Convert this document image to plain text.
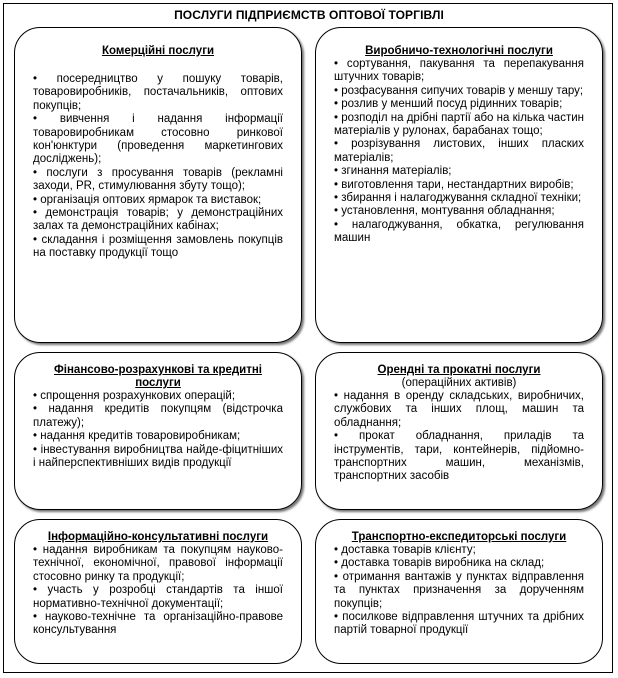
ПОСЛУГИ ПІДПРИЄМСТВ ОПТОВОЇ ТОРГІВЛІ
Комерційні послуги
• посередництво у пошуку товарів, товаровиробників, постачальників, оптових покупців;
• вивчення і надання інформації товаровиробникам стосовно ринкової кон'юнктури (проведення маркетингових досліджень);
• послуги з просування товарів (рекламні заходи, PR, стимулювання збуту тощо);
• організація оптових ярмарок та виставок;
• демонстрація товарів; у демонстраційних залах та демонстраційних кабінах;
• складання і розміщення замовлень покупців на поставку продукції тощо
Виробничо-технологічні послуги
• сортування, пакування та перепакування штучних товарів;
• розфасування сипучих товарів у меншу тару;
• розлив у менший посуд рідинних товарів;
• розподіл на дрібні партії або на кілька частин матеріалів у рулонах, барабанах тощо;
• розрізування листових, інших пласких матеріалів;
• згинання матеріалів;
• виготовлення тари, нестандартних виробів;
• збирання і налагоджування складної техніки;
• установлення, монтування обладнання;
• налагоджування, обкатка, регулювання машин
Фінансово-розрахункові та кредитні послуги
• спрощення розрахункових операцій;
• надання кредитів покупцям (відстрочка платежу);
• надання кредитів товаровиробникам;
• інвестування виробництва найде-фіцитніших і найперспективніших видів продукції
Орендні та прокатні послуги
(операційних активів)
• надання в оренду складських, виробничих, службових та інших площ, машин та обладнання;
• прокат обладнання, приладів та інструментів, тари, контейнерів, підйомно-транспортних машин, механізмів, транспортних засобів
Інформаційно-консультативні послуги
• надання виробникам та покупцям науково-технічної, економічної, правової інформації стосовно ринку та продукції;
• участь у розробці стандартів та іншої нормативно-технічної документації;
• науково-технічне та організаційно-правове консультування
Транспортно-експедиторські послуги
• доставка товарів клієнту;
• доставка товарів виробника на склад;
• отримання вантажів у пунктах відправлення та пунктах призначення за дорученням покупців;
• посилкове відправлення штучних та дрібних партій товарної продукції
